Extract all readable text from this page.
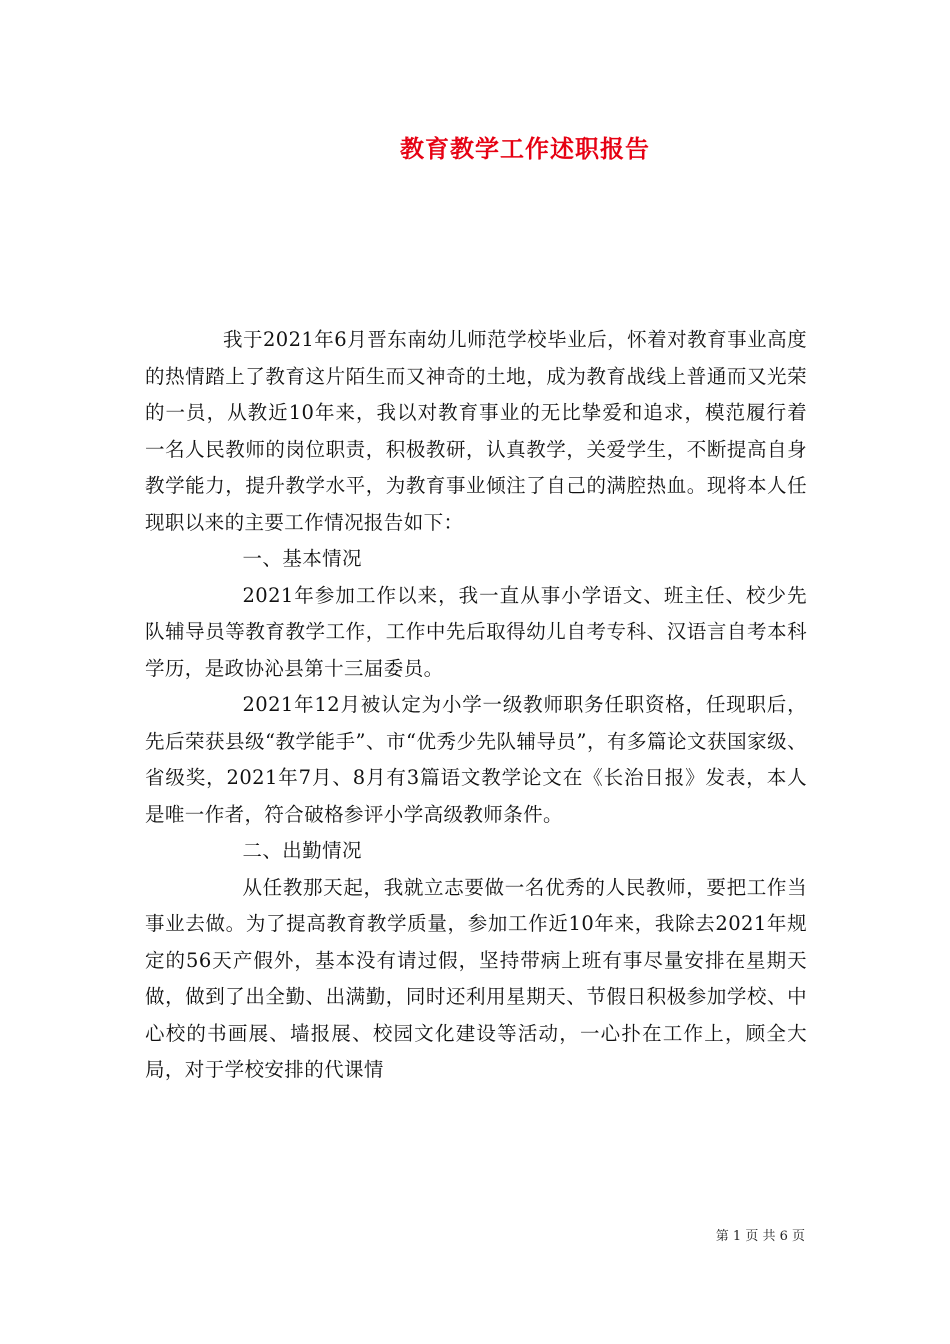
教育教学工作述职报告

我于2021年6月晋东南幼儿师范学校毕业后，怀着对教育事业高度的热情踏上了教育这片陌生而又神奇的土地，成为教育战线上普通而又光荣的一员，从教近10年来，我以对教育事业的无比挚爱和追求，模范履行着一名人民教师的岗位职责，积极教研，认真教学，关爱学生，不断提高自身教学能力，提升教学水平，为教育事业倾注了自己的满腔热血。现将本人任现职以来的主要工作情况报告如下：

一、基本情况

2021年参加工作以来，我一直从事小学语文、班主任、校少先队辅导员等教育教学工作，工作中先后取得幼儿自考专科、汉语言自考本科学历，是政协沁县第十三届委员。

2021年12月被认定为小学一级教师职务任职资格，任现职后，先后荣获县级“教学能手”、市“优秀少先队辅导员”，有多篇论文获国家级、省级奖，2021年7月、8月有3篇语文教学论文在《长治日报》发表，本人是唯一作者，符合破格参评小学高级教师条件。

二、出勤情况

从任教那天起，我就立志要做一名优秀的人民教师，要把工作当事业去做。为了提高教育教学质量，参加工作近10年来，我除去2021年规定的56天产假外，基本没有请过假，坚持带病上班有事尽量安排在星期天做，做到了出全勤、出满勤，同时还利用星期天、节假日积极参加学校、中心校的书画展、墙报展、校园文化建设等活动，一心扑在工作上，顾全大局，对于学校安排的代课情

第 1 页 共 6 页
